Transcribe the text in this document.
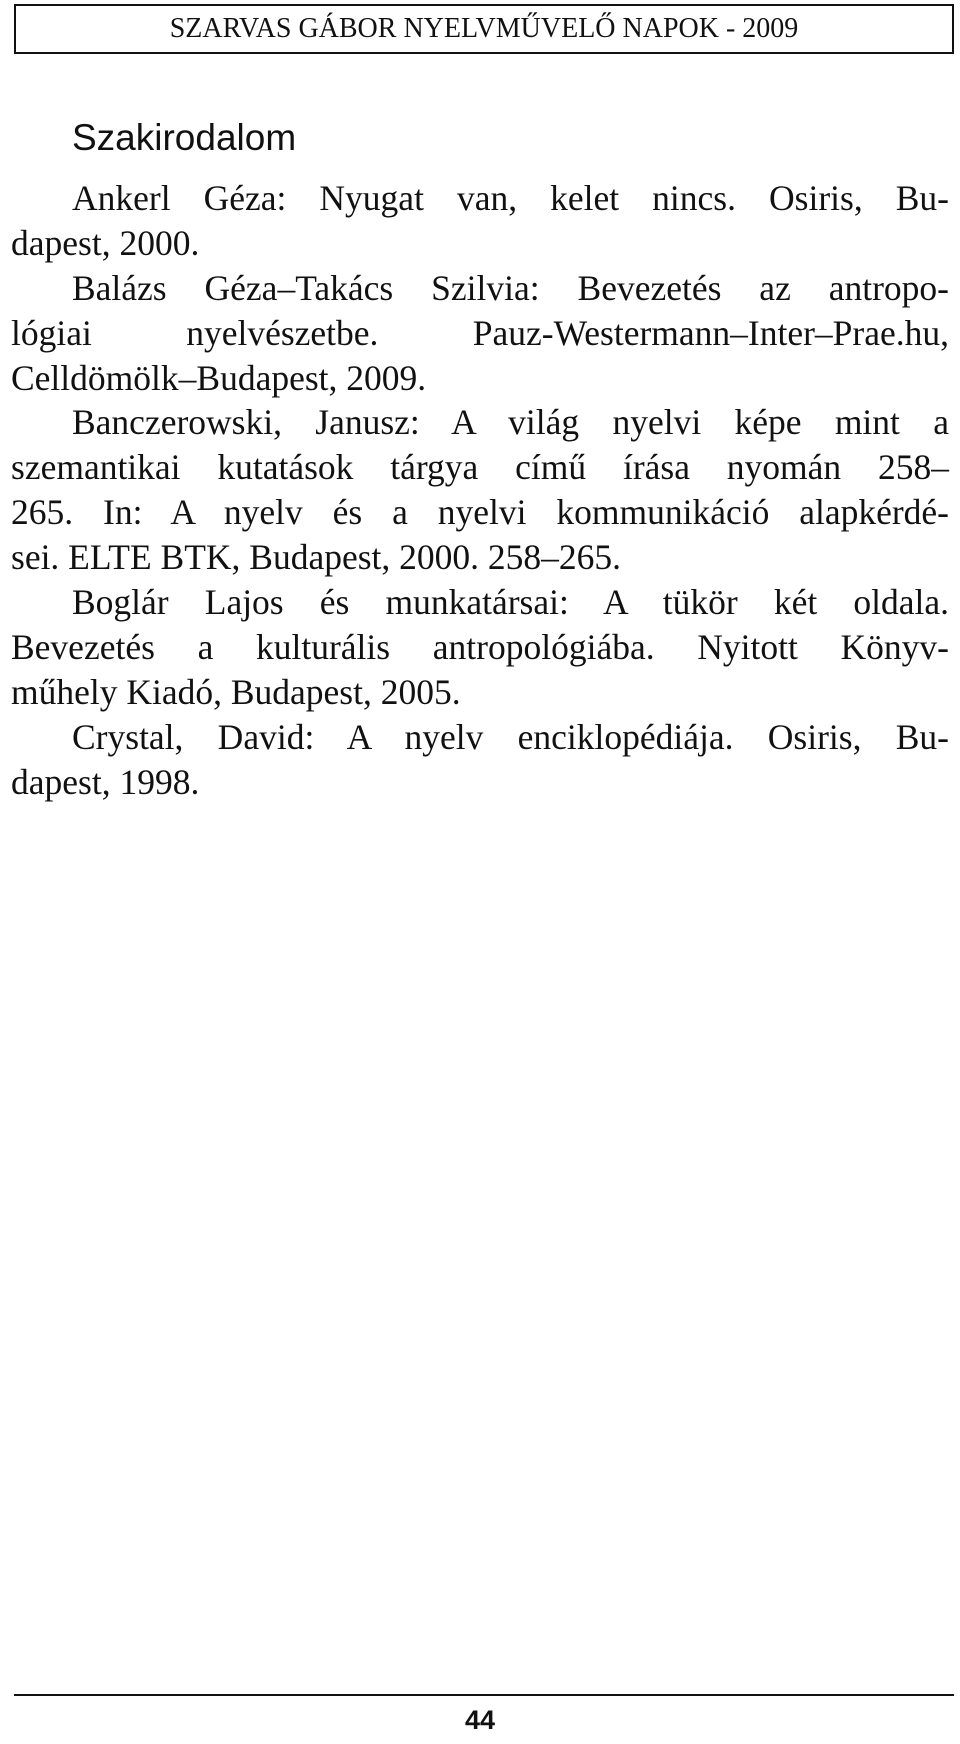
SZARVAS GÁBOR NYELVMŰVELŐ NAPOK - 2009
Szakirodalom
Ankerl Géza: Nyugat van, kelet nincs. Osiris, Bu-
dapest, 2000.
Balázs Géza–Takács Szilvia: Bevezetés az antropo-
lógiai nyelvészetbe. Pauz-Westermann–Inter–Prae.hu,
Celldömölk–Budapest, 2009.
Banczerowski, Janusz: A világ nyelvi képe mint a
szemantikai kutatások tárgya című írása nyomán 258–
265. In: A nyelv és a nyelvi kommunikáció alapkérdé-
sei. ELTE BTK, Budapest, 2000. 258–265.
Boglár Lajos és munkatársai: A tükör két oldala.
Bevezetés a kulturális antropológiába. Nyitott Könyv-
műhely Kiadó, Budapest, 2005.
Crystal, David: A nyelv enciklopédiája. Osiris, Bu-
dapest, 1998.
44
